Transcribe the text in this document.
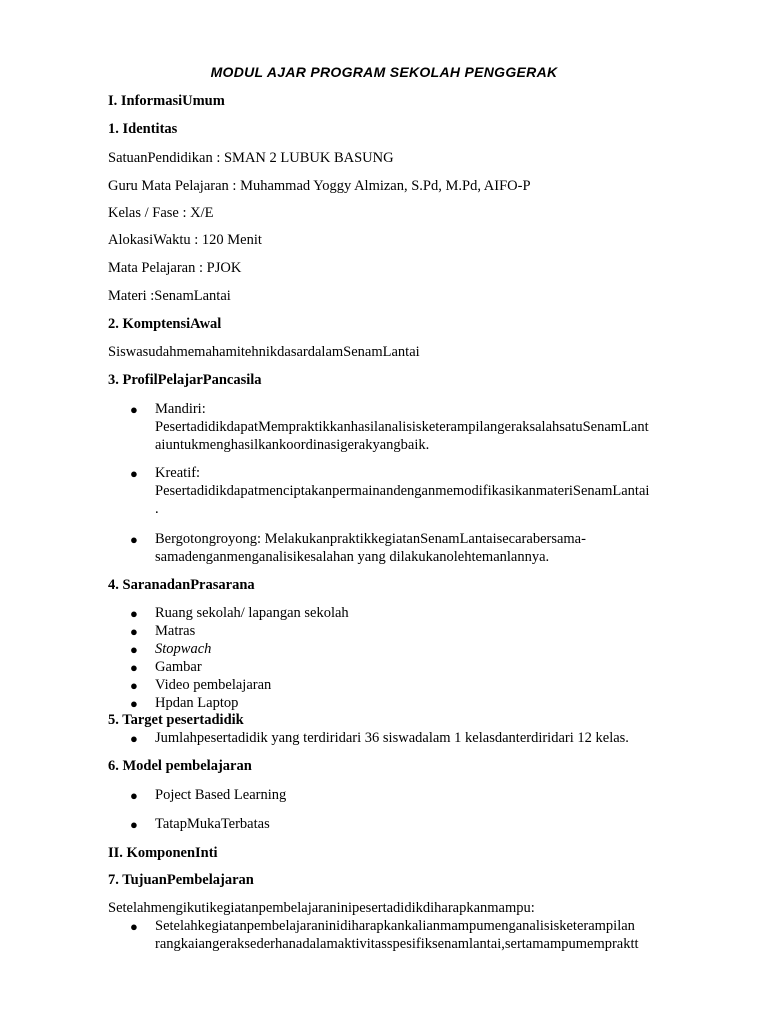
MODUL AJAR PROGRAM SEKOLAH PENGGERAK
I. InformasiUmum
1. Identitas
SatuanPendidikan : SMAN 2 LUBUK BASUNG
Guru Mata Pelajaran : Muhammad Yoggy Almizan, S.Pd, M.Pd, AIFO-P
Kelas / Fase : X/E
AlokasiWaktu : 120 Menit
Mata Pelajaran : PJOK
Materi :SenamLantai
2. KomptensiAwal
Siswasudahmemahamitehnikdasardalam​SenamLantai
3. ProfilPelajarPancasila
● Mandiri:
PesertadidikdapatMempraktikkanhasilanalisisketerampilangeraksalahsatuSenamLant
aiuntukmenghasilkankoordinasigerakyangbaik.
● Kreatif:
PesertadidikdapatmenciptakanpermainandenganmemodifikasikanmateriSenamLantai
.
● Bergotongroyong: MelakukanpraktikkegiatanSenamLantaisecarabersama-
samadenganmenganalisikesalahan yang dilakukanolehtemanlannya.
4. SaranadanPrasarana
● Ruang sekolah/ lapangan sekolah
● Matras
● Stopwach
● Gambar
● Video pembelajaran
● Hpdan Laptop
5. Target pesertadidik
● Jumlahpesertadidik yang terdiridari 36 siswadalam 1 kelasdanterdiridari 12 kelas.
6. Model pembelajaran
● Poject Based Learning
● TatapMukaTerbatas
II. KomponenInti
7. TujuanPembelajaran
Setelahmengikutikegiatanpembelajaraninipesertadidikdiharapkanmampu:
● Setelahkegiatanpembelajaraninidiharapkankalianmampumenganalisisketerampilan
rangkaiangeraksederhanadalamaktivitasspesifiksenamlantai,sertamampumempraktt
